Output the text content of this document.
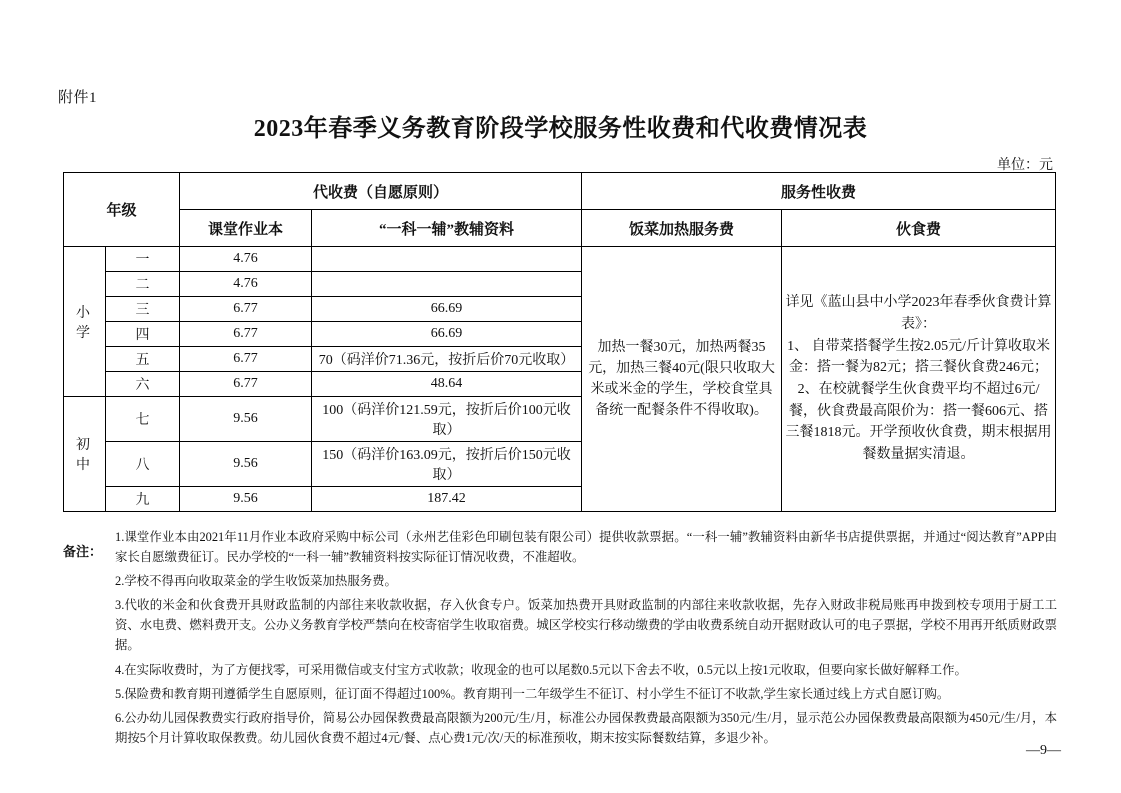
附件1
2023年春季义务教育阶段学校服务性收费和代收费情况表
单位：元
年级		代收费（自愿原则）		服务性收费	
		课堂作业本	“一科一辅”教辅资料	饭菜加热服务费	伙食费
小 学	一	4.76		加热一餐30元，加热两餐35元，加热三餐40元(限只收取大米或米金的学生，学校食堂具备统一配餐条件不得收取)。	详见《蓝山县中小学2023年春季伙食费计算表》：
1、 自带菜搭餐学生按2.05元/斤计算收取米金：搭一餐为82元；搭三餐伙食费246元；
2、在校就餐学生伙食费平均不超过6元/餐，伙食费最高限价为：搭一餐606元、搭三餐1818元。开学预收伙食费，期末根据用餐数量据实清退。
	二	4.76			
	三	6.77	66.69		
	四	6.77	66.69		
	五	6.77	70（码洋价71.36元，按折后价70元收取）		
	六	6.77	48.64		
初 中	七	9.56	100（码洋价121.59元，按折后价100元收取）		
	八	9.56	150（码洋价163.09元，按折后价150元收取）		
	九	9.56	187.42		
备注：

1.课堂作业本由2021年11月作业本政府采购中标公司（永州艺佳彩色印刷包装有限公司）提供收款票据。“一科一辅”教辅资料由新华书店提供票据，并通过“阅达教育”APP由家长自愿缴费征订。民办学校的“一科一辅”教辅资料按实际征订情况收费，不准超收。

2.学校不得再向收取菜金的学生收饭菜加热服务费。

3.代收的米金和伙食费开具财政监制的内部往来收款收据，存入伙食专户。饭菜加热费开具财政监制的内部往来收款收据，先存入财政非税局账再申拨到校专项用于厨工工资、水电费、燃料费开支。公办义务教育学校严禁向在校寄宿学生收取宿费。城区学校实行移动缴费的学由收费系统自动开据财政认可的电子票据，学校不用再开纸质财政票据。

4.在实际收费时，为了方便找零，可采用微信或支付宝方式收款；收现金的也可以尾数0.5元以下舍去不收，0.5元以上按1元收取，但要向家长做好解释工作。

5.保险费和教育期刊遵循学生自愿原则，征订面不得超过100%。教育期刊一二年级学生不征订、村小学生不征订不收款,学生家长通过线上方式自愿订购。

6.公办幼儿园保教费实行政府指导价，简易公办园保教费最高限额为200元/生/月，标准公办园保教费最高限额为350元/生/月，显示范公办园保教费最高限额为450元/生/月，本期按5个月计算收取保教费。幼儿园伙食费不超过4元/餐、点心费1元/次/天的标准预收，期末按实际餐数结算，多退少补。

—9—
